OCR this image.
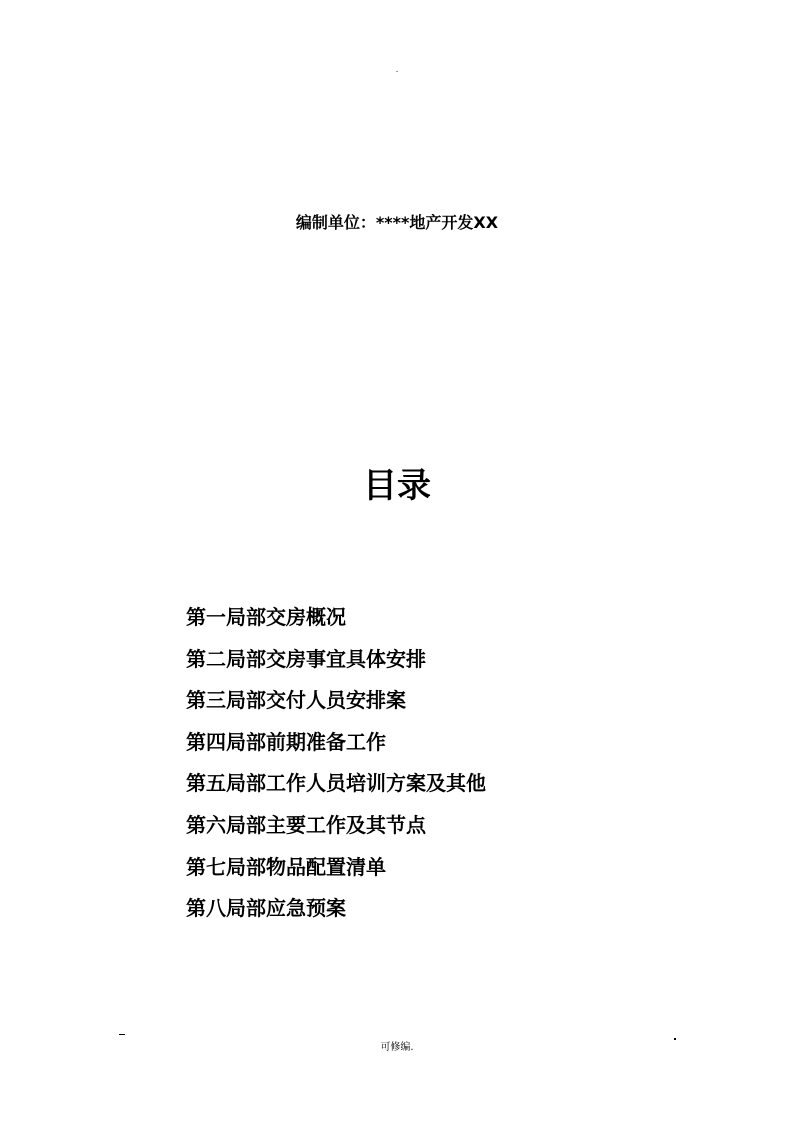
.
编制单位：****地产开发XX
目录
第一局部交房概况
第二局部交房事宜具体安排
第三局部交付人员安排案
第四局部前期准备工作
第五局部工作人员培训方案及其他
第六局部主要工作及其节点
第七局部物品配置清单
第八局部应急预案
可修编.
